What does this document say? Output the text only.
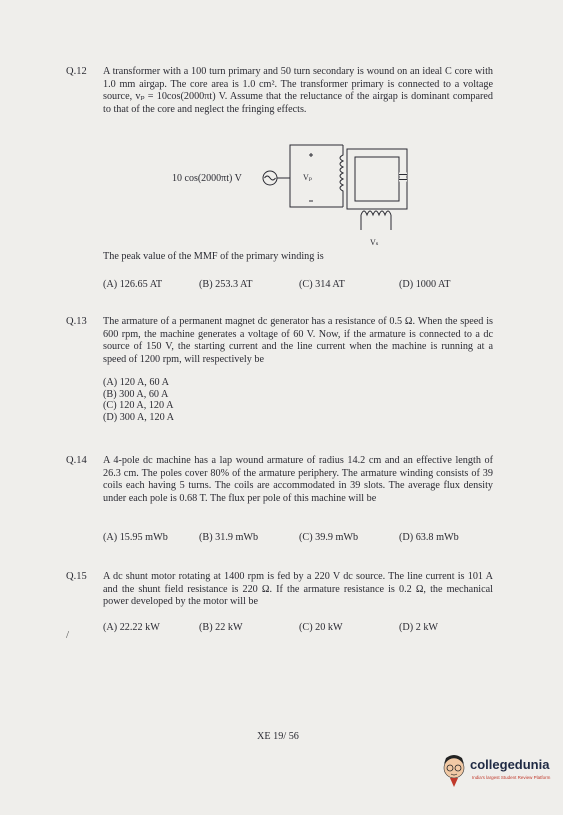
Q.12 A transformer with a 100 turn primary and 50 turn secondary is wound on an ideal C core with 1.0 mm airgap. The core area is 1.0 cm². The transformer primary is connected to a voltage source, vₚ = 10cos(2000πt) V. Assume that the reluctance of the airgap is dominant compared to that of the core and neglect the fringing effects.
10 cos(2000πt) V	Vₚ
Vₛ
The peak value of the MMF of the primary winding is
(A) 126.65 AT	(B) 253.3 AT	(C) 314 AT	(D) 1000 AT
Q.13 The armature of a permanent magnet dc generator has a resistance of 0.5 Ω. When the speed is 600 rpm, the machine generates a voltage of 60 V. Now, if the armature is connected to a dc source of 150 V, the starting current and the line current when the machine is running at a speed of 1200 rpm, will respectively be
(A) 120 A, 60 A
(B) 300 A, 60 A
(C) 120 A, 120 A
(D) 300 A, 120 A
Q.14 A 4-pole dc machine has a lap wound armature of radius 14.2 cm and an effective length of 26.3 cm. The poles cover 80% of the armature periphery. The armature winding consists of 39 coils each having 5 turns. The coils are accommodated in 39 slots. The average flux density under each pole is 0.68 T. The flux per pole of this machine will be
(A) 15.95 mWb	(B) 31.9 mWb	(C) 39.9 mWb	(D) 63.8 mWb
Q.15 A dc shunt motor rotating at 1400 rpm is fed by a 220 V dc source. The line current is 101 A and the shunt field resistance is 220 Ω. If the armature resistance is 0.2 Ω, the mechanical power developed by the motor will be
/
(A) 22.22 kW	(B) 22 kW	(C) 20 kW	(D) 2 kW
XE 19/ 56
collegedunia
India's largest Student Review Platform
